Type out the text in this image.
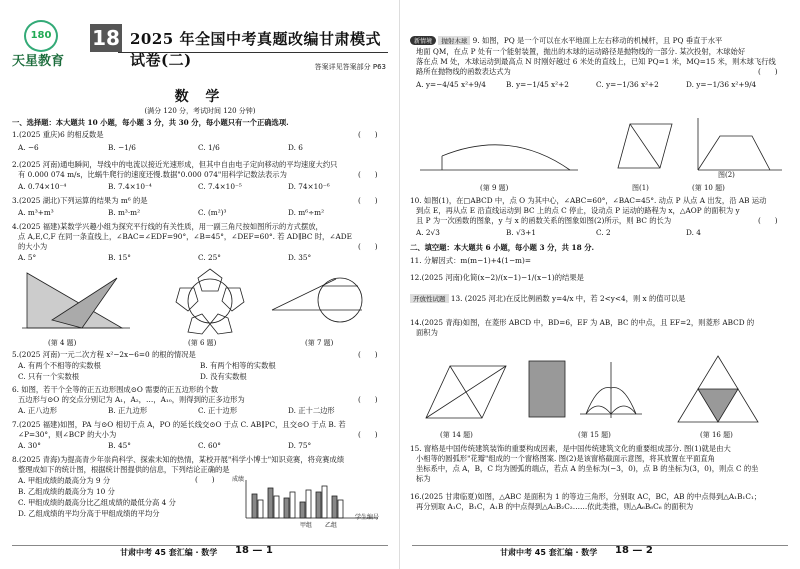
180
天星教育
18 2025 年全国中考真题改编甘肃模式试卷(二)	答案详见答案部分 P63
数 学
(满分 120 分，考试时间 120 分钟)
一、选择题：本大题共 10 小题，每小题 3 分，共 30 分，每小题只有一个正确选项.
1.(2025 重庆)6 的相反数是	(      )
A. −6	B. −1/6	C. 1/6	D. 6
2.(2025 河南)通电瞬间，导线中的电流以接近光速形成，但其中自由电子定向移动的平均速度大约只
有 0.000 074 m/s，比蜗牛爬行的速度还慢.数据"0.000 074"用科学记数法表示为	(      )
A. 0.74×10⁻⁴	B. 7.4×10⁻⁴	C. 7.4×10⁻⁵	D. 74×10⁻⁶
3.(2025 湖北)下列运算的结果为 m⁶ 的是	(      )
A. m³+m³	B. m³·m²	C. (m²)³	D. m⁶÷m²
4.(2025 福建)某数学兴趣小组为探究平行线的有关性质，用一副三角尺按如图所示的方式摆放，
点 A,E,C,F 在同一条直线上，∠BAC=∠EDF=90°，∠B=45°，∠DEF=60°. 若 AD∥BC 时，∠ADE
的大小为	(      )
A. 5°	B. 15°	C. 25°	D. 35°
(第 4 题)	(第 6 题)	(第 7 题)
5.(2025 河南)一元二次方程 x²−2x−6=0 的根的情况是	(      )
A. 有两个不相等的实数根	B. 有两个相等的实数根
C. 只有一个实数根	D. 没有实数根
6. 如图，若干个全等的正五边形围成⊙O 需要的正五边形的个数
五边形与⊙O 的交点分别记为 A₁，A₂，…，A₁₀，则得到的正多边形为	(      )
A. 正八边形	B. 正九边形	C. 正十边形	D. 正十二边形
7.(2025 福建)如图，PA 与⊙O 相切于点 A，PO 的延长线交⊙O 于点 C. AB∥PC，且交⊙O 于点 B. 若
∠P=30°，则∠BCP 的大小为	(      )
A. 30°	B. 45°	C. 60°	D. 75°
8.(2025 青海)为提高青少年崇尚科学、探索未知的热情，某校开展"科学小博士"知识竞赛，将竞赛成绩
整理成如下的统计图，根据统计图提供的信息，下列结论正确的是
(      )
A. 甲组成绩的最高分为 9 分
B. 乙组成绩的最高分为 10 分
C. 甲组成绩的最高分比乙组成绩的最低分高 4 分
D. 乙组成绩的平均分高于甲组成绩的平均分
成绩
甲组 乙组
学生编号
甘肃中考 45 套汇编 · 数学 18 — 1
新情境 抛射木球 9. 如图，PQ 是一个可以在水平地面上左右移动的机械杆，且 PQ 垂直于水平
地面 QM，在点 P 处有一个能射装置，抛出的木球的运动路径是抛物线的一部分. 某次投射，木球始好
落在点 M 处，木球运动到最高点 N 时刚好越过 6 米处的直线上，已知 PQ=1 米，MQ=15 米，则木球飞行线
路所在抛物线的函数表达式为	(      )
A. y=−4/45 x²+9/4	B. y=−1/45 x²+2	C. y=−1/36 x²+2	D. y=−1/36 x²+9/4
(第 9 题)	图(1)
图(2)
(第 10 题)
10. 如图(1)，在□ABCD 中，点 O 为其中心，∠ABC=60°，∠BAC=45°. 动点 P 从点 A 出发，沿 AB 运动
到点 E，再从点 E 沿直线运动到 BC 上的点 C 停止，设动点 P 运动的路程为 x，△AOP 的面积为 y
且 P 为一次函数的图象，y 与 x 的函数关系的图象如图(2)所示，则 BC 的长为	(      )
A. 2√3	B. √3+1	C. 2	D. 4
二、填空题：本大题共 6 小题，每小题 3 分，共 18 分.
11. 分解因式：m(m−1)+4(1−m)=
12.(2025 河南)化简(x−2)/(x−1)−1/(x−1)的结果是
开放性试题 13. (2025 河北)在反比例函数 y=4/x 中，若 2<y<4，则 x 的值可以是
14.(2025 青海)如图，在菱形 ABCD 中，BD=6，EF 为 AB，BC 的中点，且 EF=2，则菱形 ABCD 的
面积为
(第 14 题)	(第 15 题)	(第 16 题)
15. 窗格是中国传统建筑装饰的重要构成因素，是中国传统建筑文化的重要组成部分. 图(1)就是由大
小相等的圆弧形"花瓣"组成的一个窗格图案. 图(2)是该窗格截面示意图，将其放置在平面直角
坐标系中，点 A，B，C 均为圆弧的端点，若点 A 的坐标为(−3，0)，点 B 的坐标为(3，0)，则点 C 的坐
标为
16.(2025 甘肃临夏)如图，△ABC 是面积为 1 的等边三角形，分别取 AC，BC，AB 的中点得到△A₁B₁C₁；
再分别取 A₁C，B₁C，A₁B 的中点得到△A₂B₂C₂……依此类推，则△A₆B₆C₆ 的面积为
甘肃中考 45 套汇编 · 数学 18 — 2
